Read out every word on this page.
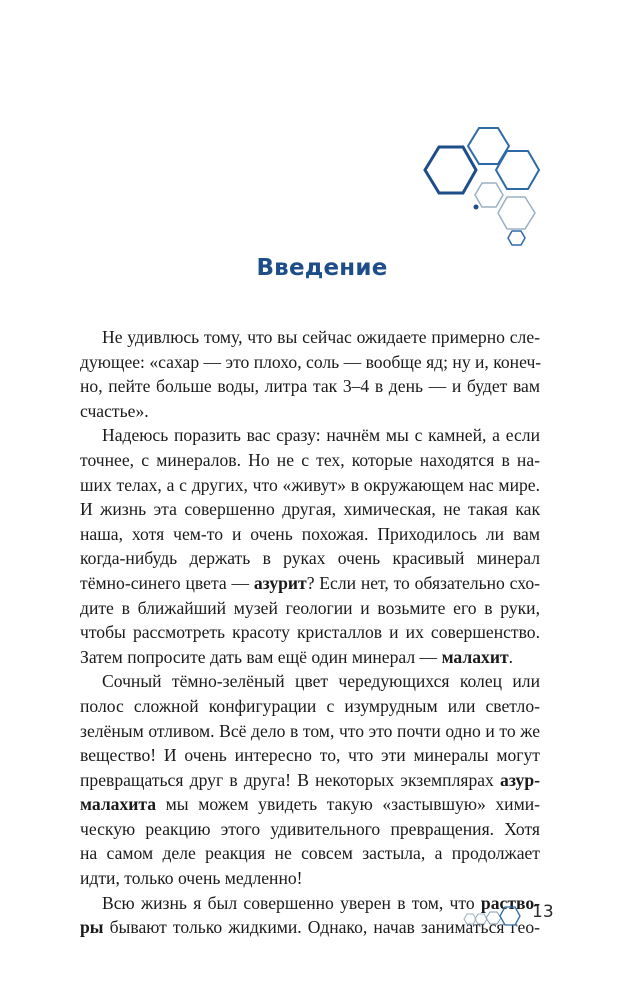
Введение
Не удивлюсь тому, что вы сейчас ожидаете примерно сле-
дующее: «сахар — это плохо, соль — вообще яд; ну и, конеч-
но, пейте больше воды, литра так 3–4 в день — и будет вам
счастье».
Надеюсь поразить вас сразу: начнём мы с камней, а если
точнее, с минералов. Но не с тех, которые находятся в на-
ших телах, а с других, что «живут» в окружающем нас мире.
И жизнь эта совершенно другая, химическая, не такая как
наша, хотя чем-то и очень похожая. Приходилось ли вам
когда-нибудь держать в руках очень красивый минерал
тёмно-синего цвета — азурит? Если нет, то обязательно схо-
дите в ближайший музей геологии и возьмите его в руки,
чтобы рассмотреть красоту кристаллов и их совершенство.
Затем попросите дать вам ещё один минерал — малахит.
Сочный тёмно-зелёный цвет чередующихся колец или
полос сложной конфигурации с изумрудным или светло-
зелёным отливом. Всё дело в том, что это почти одно и то же
вещество! И очень интересно то, что эти минералы могут
превращаться друг в друга! В некоторых экземплярах азур-
малахита мы можем увидеть такую «застывшую» хими-
ческую реакцию этого удивительного превращения. Хотя
на самом деле реакция не совсем застыла, а продолжает
идти, только очень медленно!
Всю жизнь я был совершенно уверен в том, что раство-
ры бывают только жидкими. Однако, начав заниматься гео-
13
